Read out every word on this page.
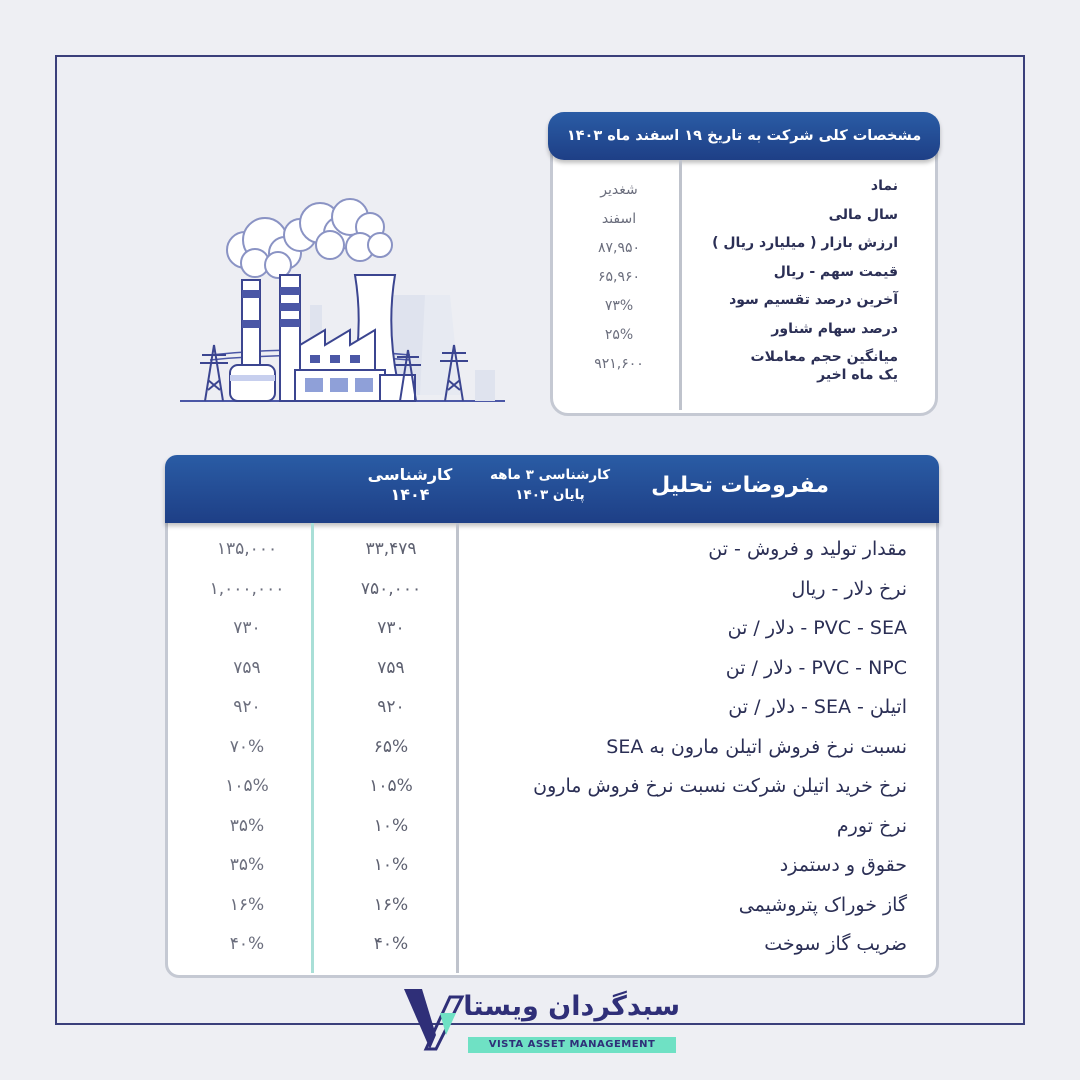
مشخصات کلی شرکت به تاریخ ۱۹ اسفند ماه ۱۴۰۳
نماد
سال مالی
ارزش بازار ( میلیارد ریال )
قیمت سهم - ریال
آخرین درصد تقسیم سود
درصد سهام شناور
میانگین حجم معاملات
یک ماه اخیر
شغدیر
اسفند
۸۷,۹۵۰
۶۵,۹۶۰
۷۳%
۲۵%
۹۲۱,۶۰۰
مفروضات تحلیل
کارشناسی ۳ ماهه
پایان ۱۴۰۳
کارشناسی
۱۴۰۴
مقدار تولید و فروش - تن
۳۳,۴۷۹
۱۳۵,۰۰۰
نرخ دلار - ریال
۷۵۰,۰۰۰
۱,۰۰۰,۰۰۰
PVC - SEA - دلار / تن
۷۳۰
۷۳۰
PVC - NPC - دلار / تن
۷۵۹
۷۵۹
اتیلن - SEA - دلار / تن
۹۲۰
۹۲۰
نسبت نرخ فروش اتیلن مارون به SEA
۶۵%
۷۰%
نرخ خرید اتیلن شرکت نسبت نرخ فروش مارون
۱۰۵%
۱۰۵%
نرخ تورم
۱۰%
۳۵%
حقوق و دستمزد
۱۰%
۳۵%
گاز خوراک پتروشیمی
۱۶%
۱۶%
ضریب گاز سوخت
۴۰%
۴۰%
سبدگردان ویستا
VISTA ASSET MANAGEMENT
